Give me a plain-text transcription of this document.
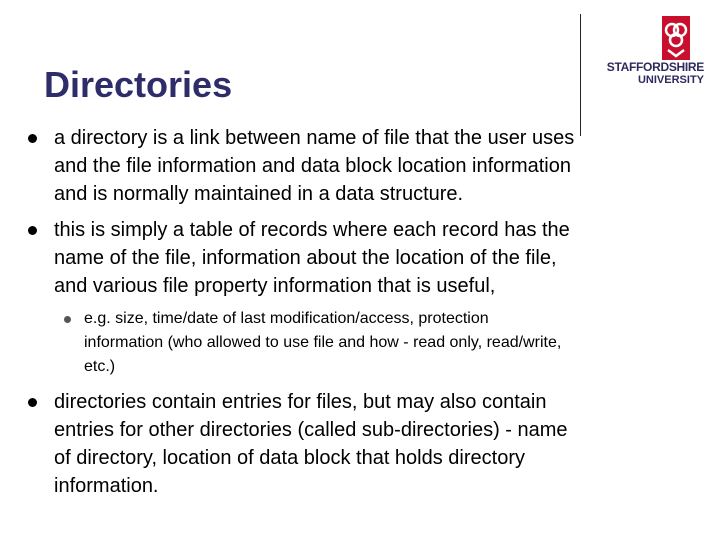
Directories	STAFFORDSHIRE
UNIVERSITY
a directory is a link between name of file that the user uses
and the file information and data block location information
and is normally maintained in a data structure.
this is simply a table of records where each record has the
name of the file, information about the location of the file,
and various file property information that is useful,
e.g. size, time/date of last modification/access, protection
information (who allowed to use file and how - read only, read/write,
etc.)
directories contain entries for files, but may also contain
entries for other directories (called sub-directories) - name
of directory, location of data block that holds directory
information.
